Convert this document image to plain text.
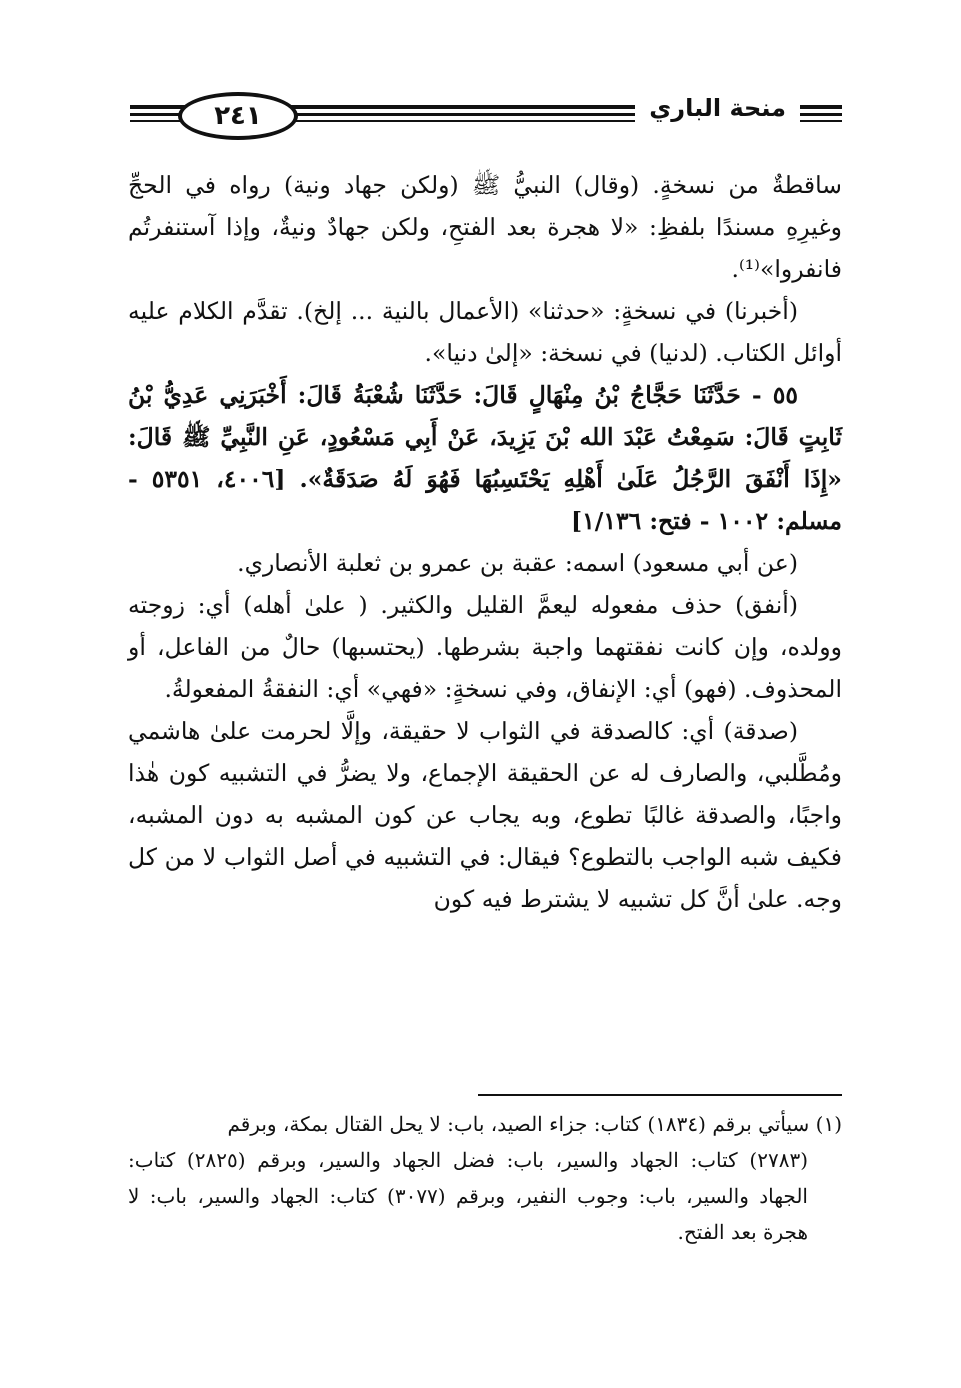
٢٤١	منحة الباري

ساقطةٌ من نسخةٍ. (وقال) النبيُّ ﷺ (ولكن جهاد ونية) رواه في الحجِّ وغيرِهِ مسندًا بلفظِ: «لا هجرة بعد الفتحِ، ولكن جهادٌ ونيةٌ، وإذا آستنفرتُم فانفروا»⁽¹⁾.

(أخبرنا) في نسخةٍ: «حدثنا» (الأعمال بالنية ... إلخ). تقدَّم الكلام عليه أوائل الكتاب. (لدنيا) في نسخة: «إلىٰ دنيا».

٥٥ - حَدَّثَنَا حَجَّاجُ بْنُ مِنْهَالٍ قَالَ: حَدَّثَنَا شُعْبَةُ قَالَ: أَخْبَرَنِي عَدِيُّ بْنُ ثَابِتٍ قَالَ: سَمِعْتُ عَبْدَ الله بْنَ يَزِيدَ، عَنْ أَبِي مَسْعُودٍ، عَنِ النَّبِيِّ ﷺ قَالَ: «إِذَا أَنْفَقَ الرَّجُلُ عَلَىٰ أَهْلِهِ يَحْتَسِبُهَا فَهُوَ لَهُ صَدَقَةٌ». [٤٠٠٦، ٥٣٥١ - مسلم: ١٠٠٢ - فتح: ١/١٣٦]

(عن أبي مسعود) اسمه: عقبة بن عمرو بن ثعلبة الأنصاري.

(أنفق) حذف مفعوله ليعمَّ القليل والكثير. ( علىٰ أهله) أي: زوجته وولده، وإن كانت نفقتهما واجبة بشرطها. (يحتسبها) حالٌ من الفاعل، أو المحذوف. (فهو) أي: الإنفاق، وفي نسخةٍ: «فهي» أي: النفقةُ المفعولةُ.

(صدقة) أي: كالصدقة في الثواب لا حقيقة، وإلَّا لحرمت علىٰ هاشمي ومُطَّلبي، والصارف له عن الحقيقة الإجماع، ولا يضرُّ في التشبيه كون هٰذا واجبًا، والصدقة غالبًا تطوع، وبه يجاب عن كون المشبه به دون المشبه، فكيف شبه الواجب بالتطوع؟ فيقال: في التشبيه في أصل الثواب لا من كل وجه. علىٰ أنَّ كل تشبيه لا يشترط فيه كون

(١) سيأتي برقم (١٨٣٤) كتاب: جزاء الصيد، باب: لا يحل القتال بمكة، وبرقم

(٢٧٨٣) كتاب: الجهاد والسير، باب: فضل الجهاد والسير، وبرقم (٢٨٢٥) كتاب: الجهاد والسير، باب: وجوب النفير، وبرقم (٣٠٧٧) كتاب: الجهاد والسير، باب: لا هجرة بعد الفتح.
